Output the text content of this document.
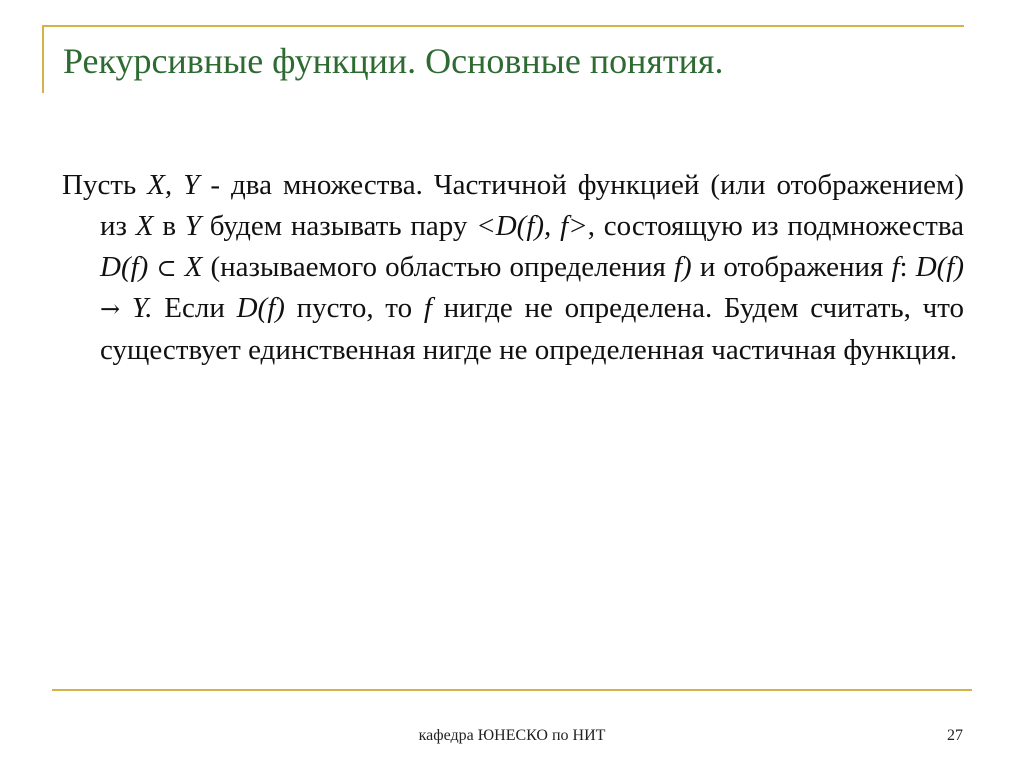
Рекурсивные функции. Основные понятия.

Пусть X, Y - два множества. Частичной функцией (или отображением) из X в Y будем называть пару <D(f), f>, состоящую из подмножества D(f) ⊂ X (называемого областью определения f) и отображения f: D(f) → Y. Если D(f) пусто, то f нигде не определена. Будем считать, что существует единственная нигде не определенная частичная функция.

кафедра ЮНЕСКО по НИТ	27
